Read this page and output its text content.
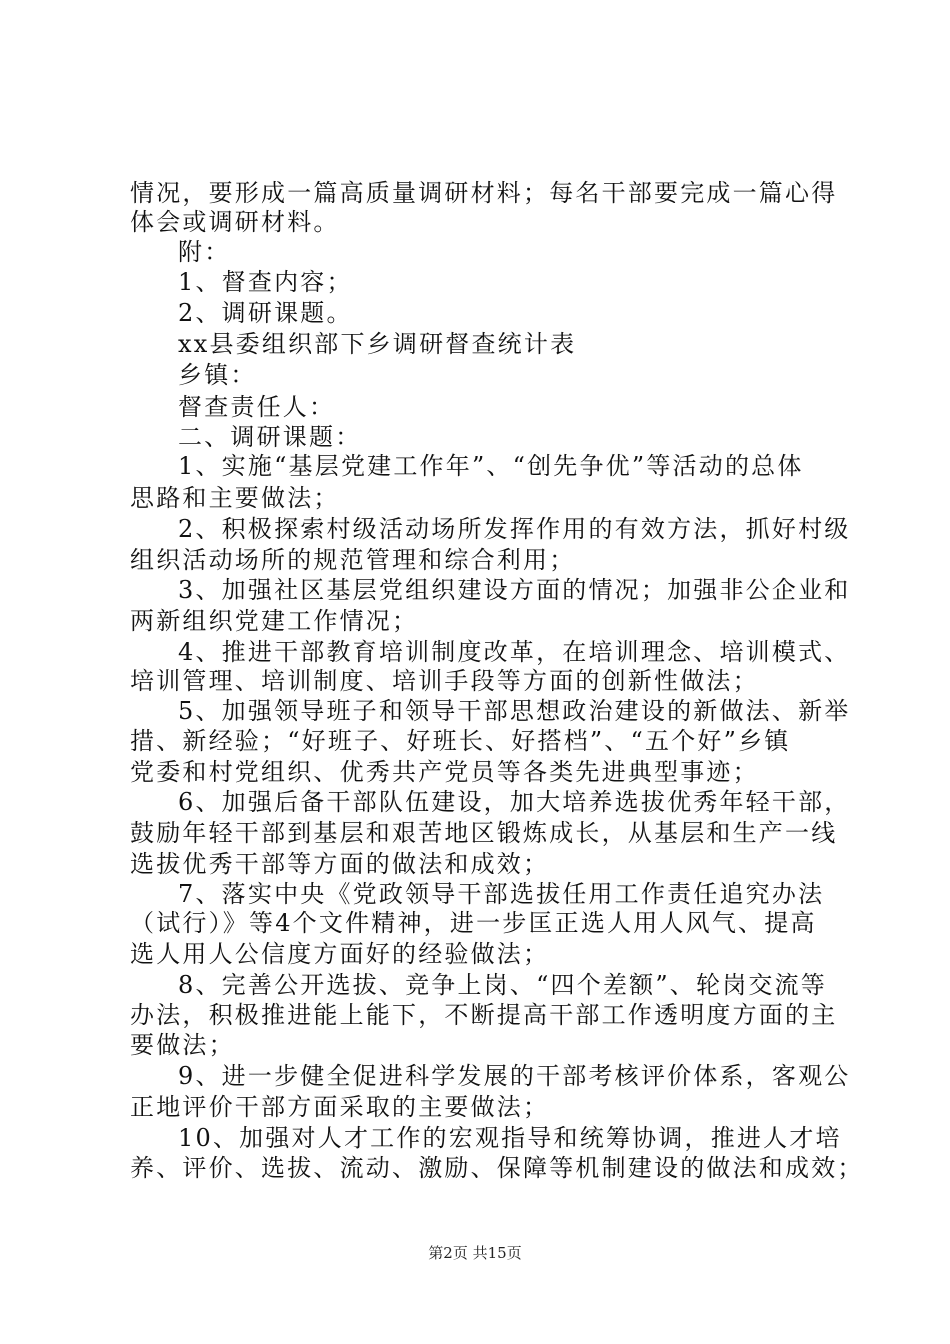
情况，要形成一篇高质量调研材料；每名干部要完成一篇心得
体会或调研材料。
附：
1、督查内容；
2、调研课题。
xx县委组织部下乡调研督查统计表
乡镇：
督查责任人：
二、调研课题：
1、实施“基层党建工作年”、“创先争优”等活动的总体
思路和主要做法；
2、积极探索村级活动场所发挥作用的有效方法，抓好村级
组织活动场所的规范管理和综合利用；
3、加强社区基层党组织建设方面的情况；加强非公企业和
两新组织党建工作情况；
4、推进干部教育培训制度改革，在培训理念、培训模式、
培训管理、培训制度、培训手段等方面的创新性做法；
5、加强领导班子和领导干部思想政治建设的新做法、新举
措、新经验；“好班子、好班长、好搭档”、“五个好”乡镇
党委和村党组织、优秀共产党员等各类先进典型事迹；
6、加强后备干部队伍建设，加大培养选拔优秀年轻干部，
鼓励年轻干部到基层和艰苦地区锻炼成长，从基层和生产一线
选拔优秀干部等方面的做法和成效；
7、落实中央《党政领导干部选拔任用工作责任追究办法
（试行）》等4个文件精神，进一步匡正选人用人风气、提高
选人用人公信度方面好的经验做法；
8、完善公开选拔、竞争上岗、“四个差额”、轮岗交流等
办法，积极推进能上能下，不断提高干部工作透明度方面的主
要做法；
9、进一步健全促进科学发展的干部考核评价体系，客观公
正地评价干部方面采取的主要做法；
10、加强对人才工作的宏观指导和统筹协调，推进人才培
养、评价、选拔、流动、激励、保障等机制建设的做法和成效；
第2页 共15页
